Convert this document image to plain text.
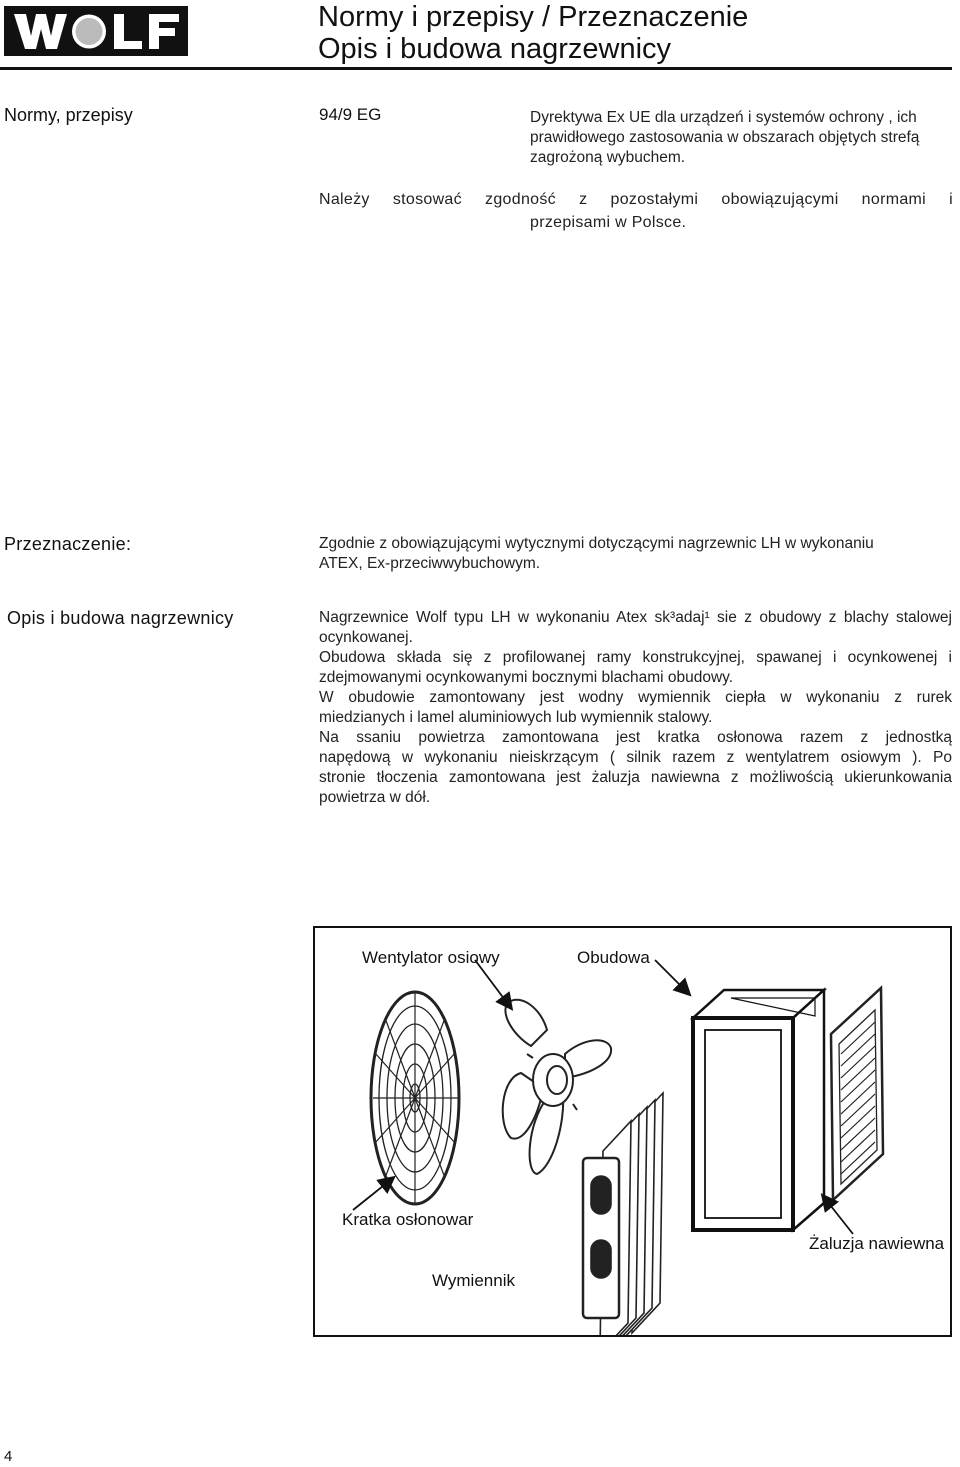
Normy i przepisy / Przeznaczenie
Opis i budowa nagrzewnicy
Normy, przepisy	94/9 EG	Dyrektywa Ex UE dla urządzeń i systemów ochrony , ich
prawidłowego zastosowania w obszarach objętych strefą
zagrożoną wybuchem.
Należy stosować zgodność z pozostałymi obowiązującymi normami i
przepisami w Polsce.
Przeznaczenie:	Zgodnie z obowiązującymi wytycznymi dotyczącymi nagrzewnic LH w wykonaniu
ATEX, Ex-przeciwwybuchowym.
Opis i budowa nagrzewnicy	Nagrzewnice Wolf typu LH w wykonaniu Atex sk³adaj¹ sie z obudowy z blachy stalowej
ocynkowanej.
Obudowa składa się z profilowanej ramy konstrukcyjnej, spawanej i ocynkowenej i
zdejmowanymi ocynkowanymi bocznymi blachami obudowy.
W obudowie zamontowany jest wodny wymiennik ciepła w wykonaniu z rurek
miedzianych i lamel aluminiowych lub wymiennik stalowy.
Na ssaniu powietrza zamontowana jest kratka osłonowa razem z jednostką
napędową w wykonaniu nieiskrzącym ( silnik razem z wentylatrem osiowym ). Po
stronie tłoczenia zamontowana jest żaluzja nawiewna z możliwością ukierunkowania
powietrza w dół.
Wentylator osiowy	Obudowa
Kratka osłonowar
Żaluzja nawiewna
Wymiennik
4
